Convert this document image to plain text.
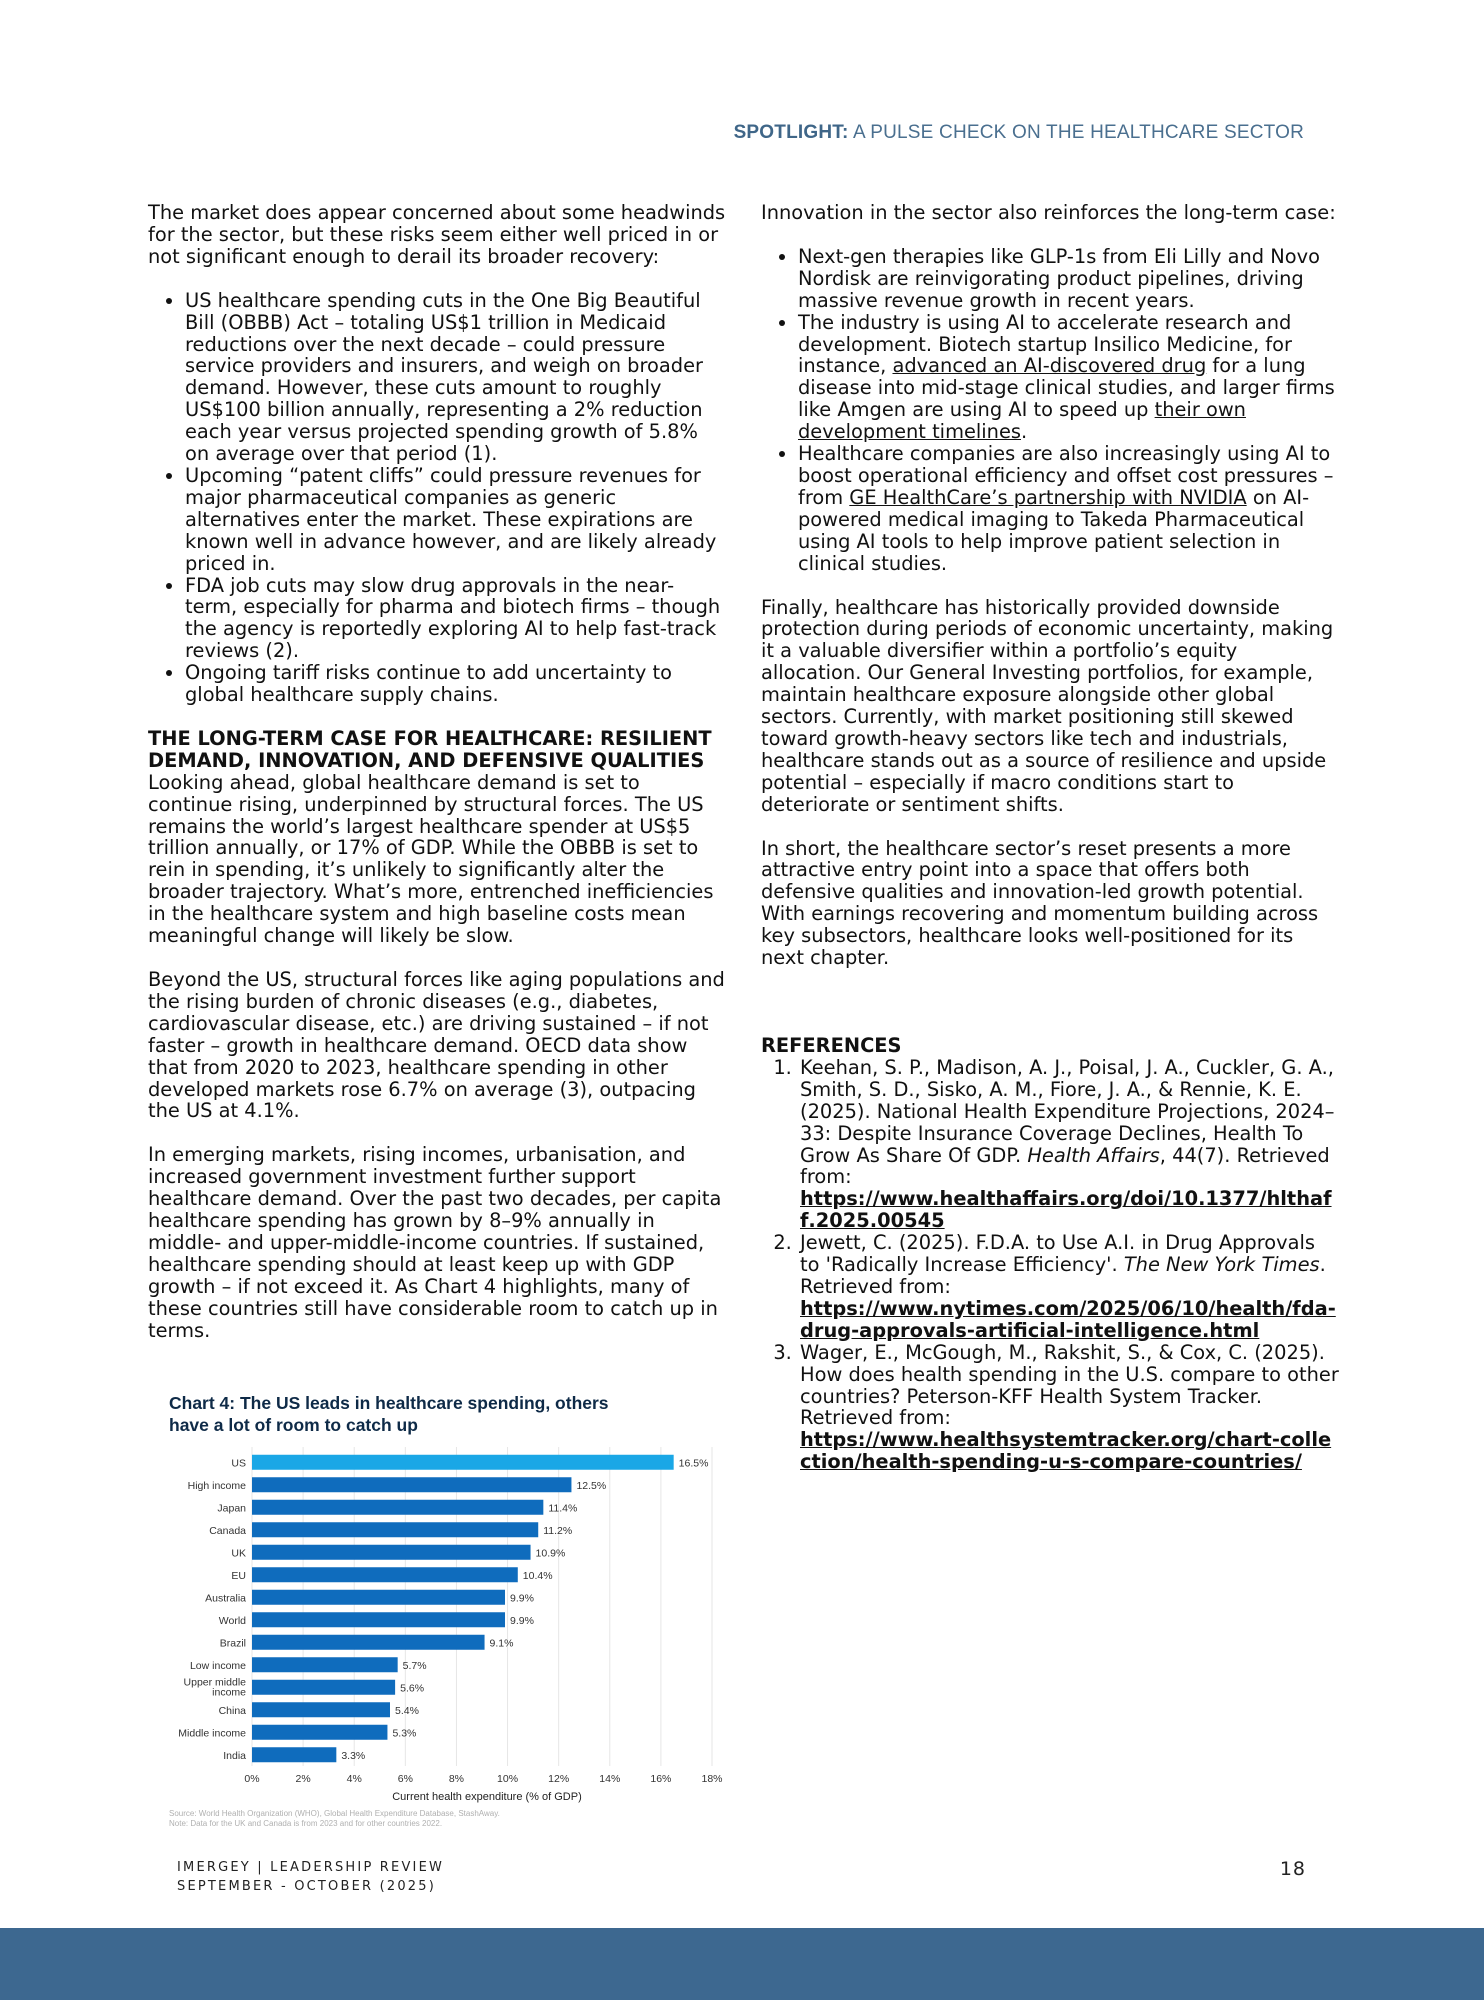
SPOTLIGHT: A PULSE CHECK ON THE HEALTHCARE SECTOR

The market does appear concerned about some headwinds for the sector, but these risks seem either well priced in or not significant enough to derail its broader recovery:

• US healthcare spending cuts in the One Big Beautiful Bill (OBBB) Act – totaling US$1 trillion in Medicaid reductions over the next decade – could pressure service providers and insurers, and weigh on broader demand. However, these cuts amount to roughly US$100 billion annually, representing a 2% reduction each year versus projected spending growth of 5.8% on average over that period (1).
• Upcoming “patent cliffs” could pressure revenues for major pharmaceutical companies as generic alternatives enter the market. These expirations are known well in advance however, and are likely already priced in.
• FDA job cuts may slow drug approvals in the near-term, especially for pharma and biotech firms – though the agency is reportedly exploring AI to help fast-track reviews (2).
• Ongoing tariff risks continue to add uncertainty to global healthcare supply chains.
THE LONG-TERM CASE FOR HEALTHCARE: RESILIENT DEMAND, INNOVATION, AND DEFENSIVE QUALITIES

Looking ahead, global healthcare demand is set to continue rising, underpinned by structural forces. The US remains the world’s largest healthcare spender at US$5 trillion annually, or 17% of GDP. While the OBBB is set to rein in spending, it’s unlikely to significantly alter the broader trajectory. What’s more, entrenched inefficiencies in the healthcare system and high baseline costs mean meaningful change will likely be slow.

Beyond the US, structural forces like aging populations and the rising burden of chronic diseases (e.g., diabetes, cardiovascular disease, etc.) are driving sustained – if not faster – growth in healthcare demand. OECD data show that from 2020 to 2023, healthcare spending in other developed markets rose 6.7% on average (3), outpacing the US at 4.1%.

In emerging markets, rising incomes, urbanisation, and increased government investment further support healthcare demand. Over the past two decades, per capita healthcare spending has grown by 8–9% annually in middle- and upper-middle-income countries. If sustained, healthcare spending should at least keep up with GDP growth – if not exceed it. As Chart 4 highlights, many of these countries still have considerable room to catch up in terms.

Innovation in the sector also reinforces the long-term case:

• Next-gen therapies like GLP-1s from Eli Lilly and Novo Nordisk are reinvigorating product pipelines, driving massive revenue growth in recent years.
• The industry is using AI to accelerate research and development. Biotech startup Insilico Medicine, for instance, advanced an AI-discovered drug for a lung disease into mid-stage clinical studies, and larger firms like Amgen are using AI to speed up their own development timelines.
• Healthcare companies are also increasingly using AI to boost operational efficiency and offset cost pressures – from GE HealthCare’s partnership with NVIDIA on AI-powered medical imaging to Takeda Pharmaceutical using AI tools to help improve patient selection in clinical studies.

Finally, healthcare has historically provided downside protection during periods of economic uncertainty, making it a valuable diversifier within a portfolio’s equity allocation. Our General Investing portfolios, for example, maintain healthcare exposure alongside other global sectors. Currently, with market positioning still skewed toward growth-heavy sectors like tech and industrials, healthcare stands out as a source of resilience and upside potential – especially if macro conditions start to deteriorate or sentiment shifts.

In short, the healthcare sector’s reset presents a more attractive entry point into a space that offers both defensive qualities and innovation-led growth potential. With earnings recovering and momentum building across key subsectors, healthcare looks well-positioned for its next chapter.

REFERENCES
1. Keehan, S. P., Madison, A. J., Poisal, J. A., Cuckler, G. A., Smith, S. D., Sisko, A. M., Fiore, J. A., & Rennie, K. E. (2025). National Health Expenditure Projections, 2024–33: Despite Insurance Coverage Declines, Health To Grow As Share Of GDP. Health Affairs, 44(7). Retrieved from:
https://www.healthaffairs.org/doi/10.1377/hlthaff.2025.00545
2. Jewett, C. (2025). F.D.A. to Use A.I. in Drug Approvals to 'Radically Increase Efficiency'. The New York Times. Retrieved from:
https://www.nytimes.com/2025/06/10/health/fda-drug-approvals-artificial-intelligence.html
3. Wager, E., McGough, M., Rakshit, S., & Cox, C. (2025). How does health spending in the U.S. compare to other countries? Peterson-KFF Health System Tracker. Retrieved from:
https://www.healthsystemtracker.org/chart-collection/health-spending-u-s-compare-countries/
Chart 4: The US leads in healthcare spending, others have a lot of room to catch up
US	16.5%
High income	12.5%
Japan	11.4%
Canada	11.2%
UK	10.9%
EU	10.4%
Australia	9.9%
World	9.9%
Brazil	9.1%
Low income	5.7%
Upper middle income	5.6%
China	5.4%
Middle income	5.3%
India	3.3%
0%	2%	4%	6%	8%	10%	12%	14%	16%	18%
Current health expenditure (% of GDP)
Source: World Health Organization (WHO), Global Health Expenditure Database, StashAway.
Note: Data for the UK and Canada is from 2023 and for other countries 2022.
IMERGEY | LEADERSHIP REVIEW
SEPTEMBER - OCTOBER (2025)
18
